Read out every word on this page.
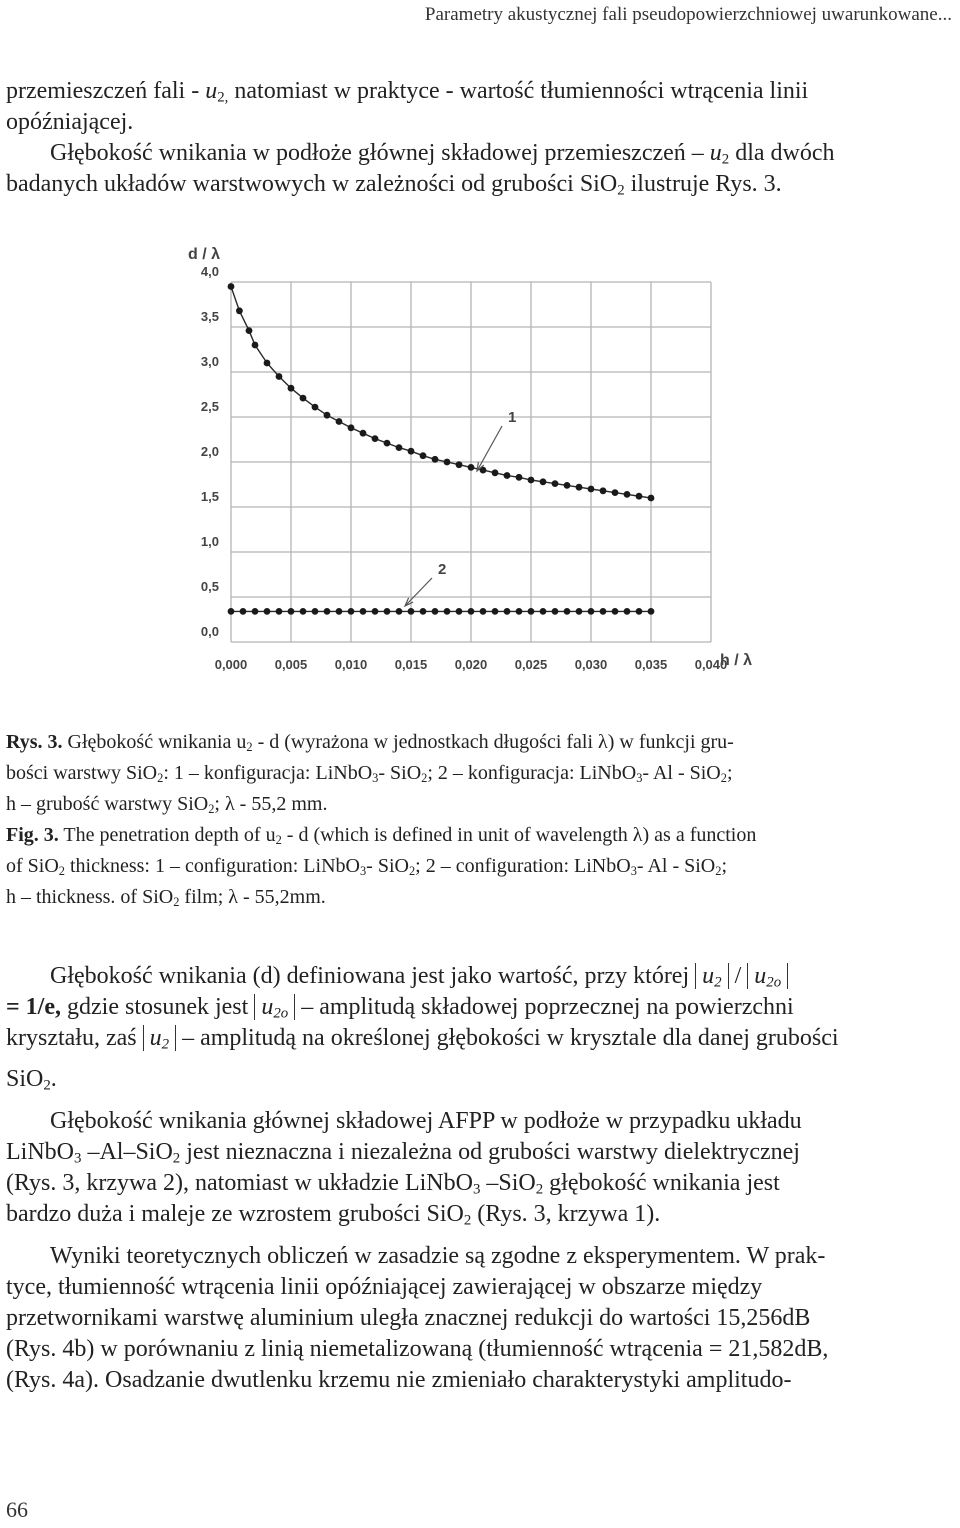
Parametry akustycznej fali pseudopowierzchniowej uwarunkowane...
przemieszczeń fali - $u_{2,}$ natomiast w praktyce - wartość tłumienności wtrącenia linii
opóźniającej.
Głębokość wnikania w podłoże głównej składowej przemieszczeń – $u_2$ dla dwóch
badanych układów warstwowych w zależności od grubości SiO$_2$ ilustruje Rys. 3.
0,0
0,5
1,0
1,5
2,0
2,5
3,0
3,5
4,0
0,000 0,005 0,010 0,015 0,020 0,025 0,030 0,035 0,040
d / λ
h / λ
1
2
Rys. 3. Głębokość wnikania $u_2$ - d (wyrażona w jednostkach długości fali λ) w funkcji gru-
bości warstwy SiO$_2$: 1 – konfiguracja: LiNbO$_3$- SiO$_2$; 2 – konfiguracja: LiNbO$_3$- Al - SiO$_2$;
h – grubość warstwy SiO$_2$; λ - 55,2 mm.
Fig. 3. The penetration depth of $u_2$ - d (which is defined in unit of wavelength λ) as a function
of SiO$_2$ thickness: 1 – configuration: LiNbO$_3$- SiO$_2$; 2 – configuration: LiNbO$_3$- Al - SiO$_2$;
h – thickness. of SiO$_2$ film; λ - 55,2mm.
Głębokość wnikania (d) definiowana jest jako wartość, przy której $u_2 / u_{2o}$
= 1/e, gdzie stosunek jest $u_{2o}$ – amplitudą składowej poprzecznej na powierzchni
kryształu, zaś $u_2$ – amplitudą na określonej głębokości w krysztale dla danej grubości
SiO$_2$.
Głębokość wnikania głównej składowej AFPP w podłoże w przypadku układu
LiNbO$_3$ –Al–SiO$_2$ jest nieznaczna i niezależna od grubości warstwy dielektrycznej
(Rys. 3, krzywa 2), natomiast w układzie LiNbO$_3$ –SiO$_2$ głębokość wnikania jest
bardzo duża i maleje ze wzrostem grubości SiO$_2$ (Rys. 3, krzywa 1).
Wyniki teoretycznych obliczeń w zasadzie są zgodne z eksperymentem. W prak-
tyce, tłumienność wtrącenia linii opóźniającej zawierającej w obszarze między
przetwornikami warstwę aluminium uległa znacznej redukcji do wartości 15,256dB
(Rys. 4b) w porównaniu z linią niemetalizowaną (tłumienność wtrącenia = 21,582dB,
(Rys. 4a). Osadzanie dwutlenku krzemu nie zmieniało charakterystyki amplitudo-
66
